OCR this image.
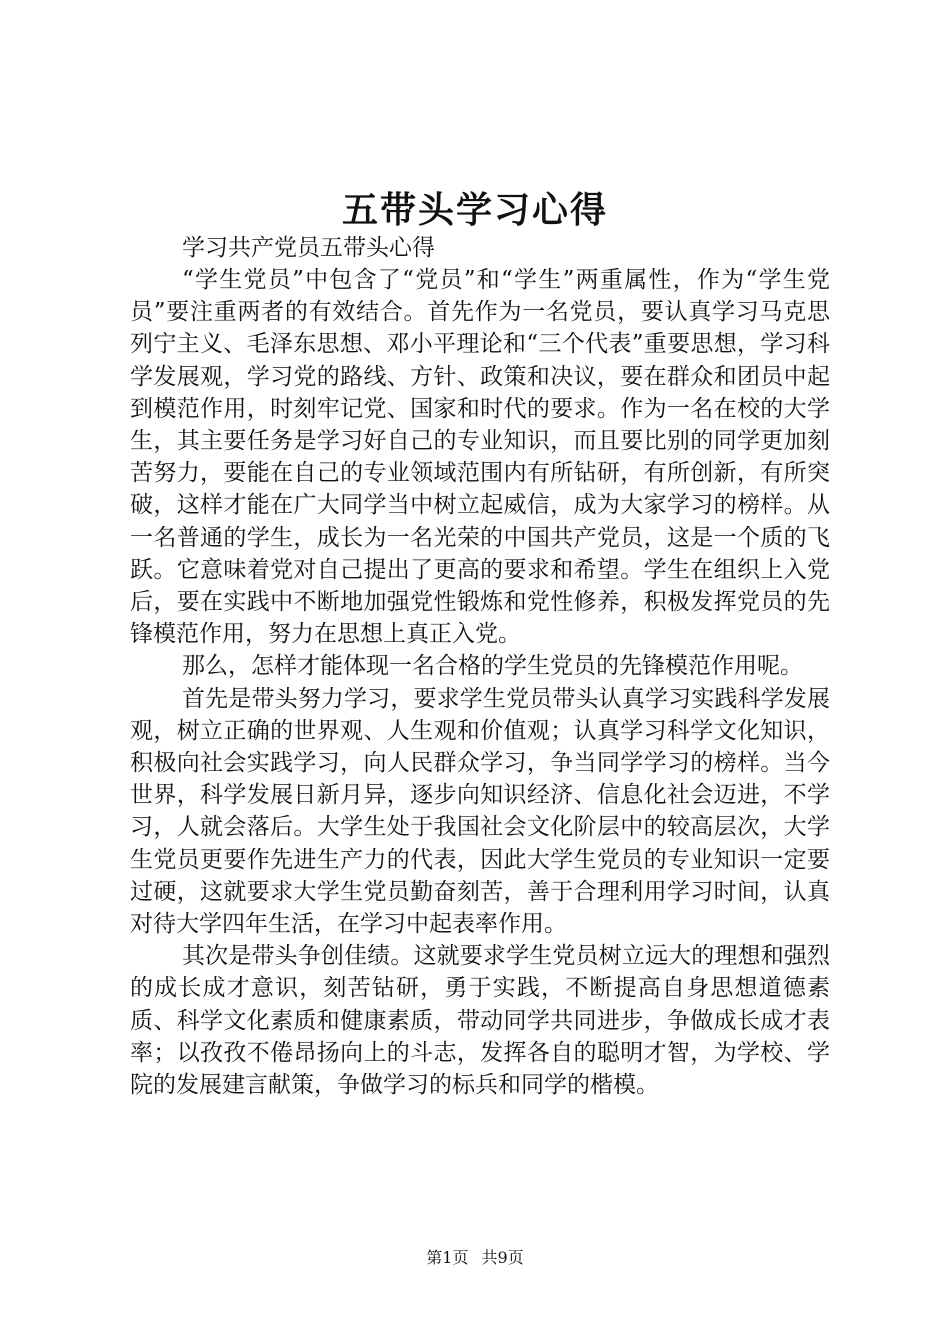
五带头学习心得

学习共产党员五带头心得

“学生党员”中包含了“党员”和“学生”两重属性，作为“学生党员”要注重两者的有效结合。首先作为一名党员，要认真学习马克思列宁主义、毛泽东思想、邓小平理论和“三个代表”重要思想，学习科学发展观，学习党的路线、方针、政策和决议，要在群众和团员中起到模范作用，时刻牢记党、国家和时代的要求。作为一名在校的大学生，其主要任务是学习好自己的专业知识，而且要比别的同学更加刻苦努力，要能在自己的专业领域范围内有所钻研，有所创新，有所突破，这样才能在广大同学当中树立起威信，成为大家学习的榜样。从一名普通的学生，成长为一名光荣的中国共产党员，这是一个质的飞跃。它意味着党对自己提出了更高的要求和希望。学生在组织上入党后，要在实践中不断地加强党性锻炼和党性修养，积极发挥党员的先锋模范作用，努力在思想上真正入党。

那么，怎样才能体现一名合格的学生党员的先锋模范作用呢。

首先是带头努力学习，要求学生党员带头认真学习实践科学发展观，树立正确的世界观、人生观和价值观；认真学习科学文化知识，积极向社会实践学习，向人民群众学习，争当同学学习的榜样。当今世界，科学发展日新月异，逐步向知识经济、信息化社会迈进，不学习，人就会落后。大学生处于我国社会文化阶层中的较高层次，大学生党员更要作先进生产力的代表，因此大学生党员的专业知识一定要过硬，这就要求大学生党员勤奋刻苦，善于合理利用学习时间，认真对待大学四年生活，在学习中起表率作用。

其次是带头争创佳绩。这就要求学生党员树立远大的理想和强烈的成长成才意识，刻苦钻研，勇于实践，不断提高自身思想道德素质、科学文化素质和健康素质，带动同学共同进步，争做成长成才表率；以孜孜不倦昂扬向上的斗志，发挥各自的聪明才智，为学校、学院的发展建言献策，争做学习的标兵和同学的楷模。

第1页 共9页
